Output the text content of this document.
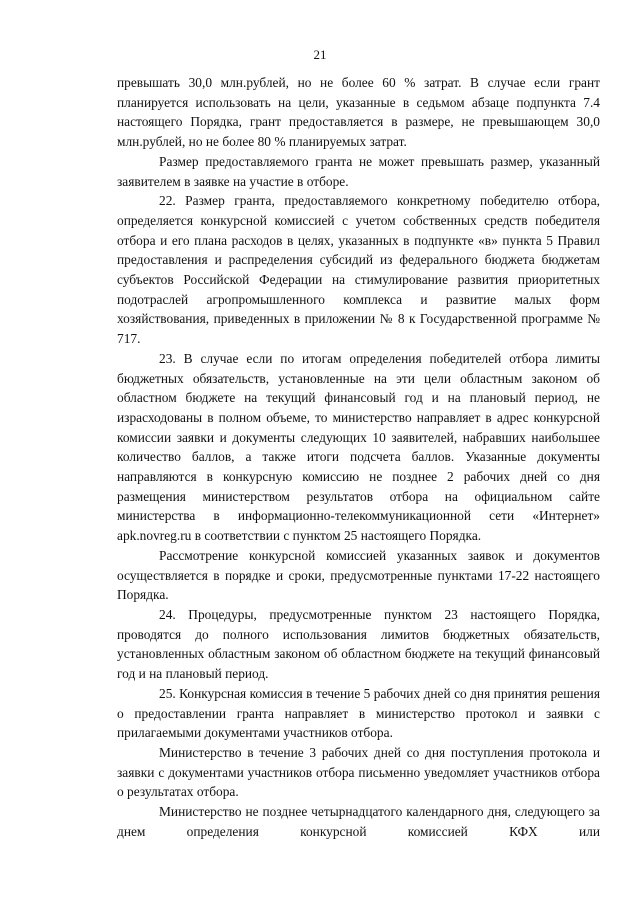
21

превышать 30,0 млн.рублей, но не более 60 % затрат. В случае если грант планируется использовать на цели, указанные в седьмом абзаце подпункта 7.4 настоящего Порядка, грант предоставляется в размере, не превышающем 30,0 млн.рублей, но не более 80 % планируемых затрат.

Размер предоставляемого гранта не может превышать размер, указанный заявителем в заявке на участие в отборе.

22. Размер гранта, предоставляемого конкретному победителю отбора, определяется конкурсной комиссией с учетом собственных средств победителя отбора и его плана расходов в целях, указанных в подпункте «в» пункта 5 Правил предоставления и распределения субсидий из федерального бюджета бюджетам субъектов Российской Федерации на стимулирование развития приоритетных подотраслей агропромышленного комплекса и развитие малых форм хозяйствования, приведенных в приложении № 8 к Государственной программе № 717.

23. В случае если по итогам определения победителей отбора лимиты бюджетных обязательств, установленные на эти цели областным законом об областном бюджете на текущий финансовый год и на плановый период, не израсходованы в полном объеме, то министерство направляет в адрес конкурсной комиссии заявки и документы следующих 10 заявителей, набравших наибольшее количество баллов, а также итоги подсчета баллов. Указанные документы направляются в конкурсную комиссию не позднее 2 рабочих дней со дня размещения министерством результатов отбора на официальном сайте министерства в информационно-телекоммуникационной сети «Интернет» apk.novreg.ru в соответствии с пунктом 25 настоящего Порядка.

Рассмотрение конкурсной комиссией указанных заявок и документов осуществляется в порядке и сроки, предусмотренные пунктами 17-22 настоящего Порядка.

24. Процедуры, предусмотренные пунктом 23 настоящего Порядка, проводятся до полного использования лимитов бюджетных обязательств, установленных областным законом об областном бюджете на текущий финансовый год и на плановый период.

25. Конкурсная комиссия в течение 5 рабочих дней со дня принятия решения о предоставлении гранта направляет в министерство протокол и заявки с прилагаемыми документами участников отбора.

Министерство в течение 3 рабочих дней со дня поступления протокола и заявки с документами участников отбора письменно уведомляет участников отбора о результатах отбора.

Министерство не позднее четырнадцатого календарного дня, следующего за днем определения конкурсной комиссией КФХ или
